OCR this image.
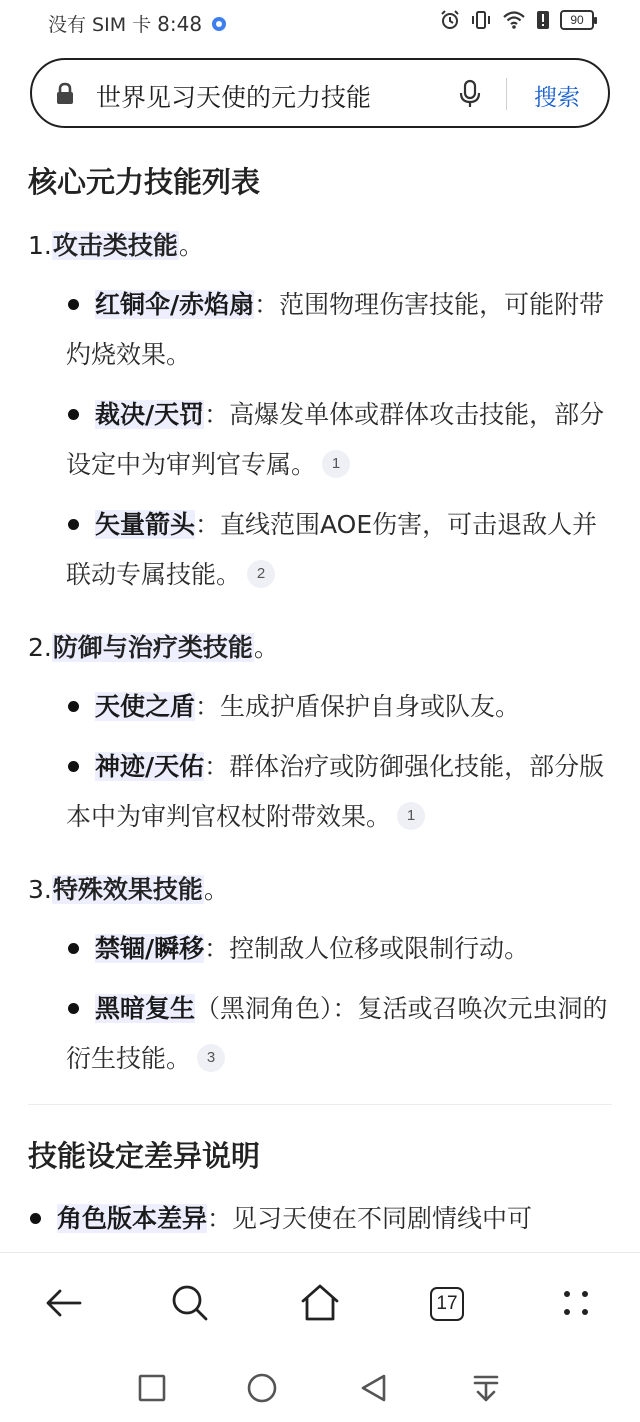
没有 SIM 卡 8:48	90
世界见习天使的元力技能	搜索
核心元力技能列表
1.攻击类技能。
红铜伞/赤焰扇：范围物理伤害技能，可能附带灼烧效果。
裁决/天罚：高爆发单体或群体攻击技能，部分设定中为审判官专属。 1
矢量箭头：直线范围AOE伤害，可击退敌人并联动专属技能。 2
2.防御与治疗类技能。
天使之盾：生成护盾保护自身或队友。
神迹/天佑：群体治疗或防御强化技能，部分版本中为审判官权杖附带效果。 1
3.特殊效果技能。
禁锢/瞬移：控制敌人位移或限制行动。
黑暗复生（黑洞角色）：复活或召唤次元虫洞的衍生技能。 3
技能设定差异说明
角色版本差异：见习天使在不同剧情线中可
17
